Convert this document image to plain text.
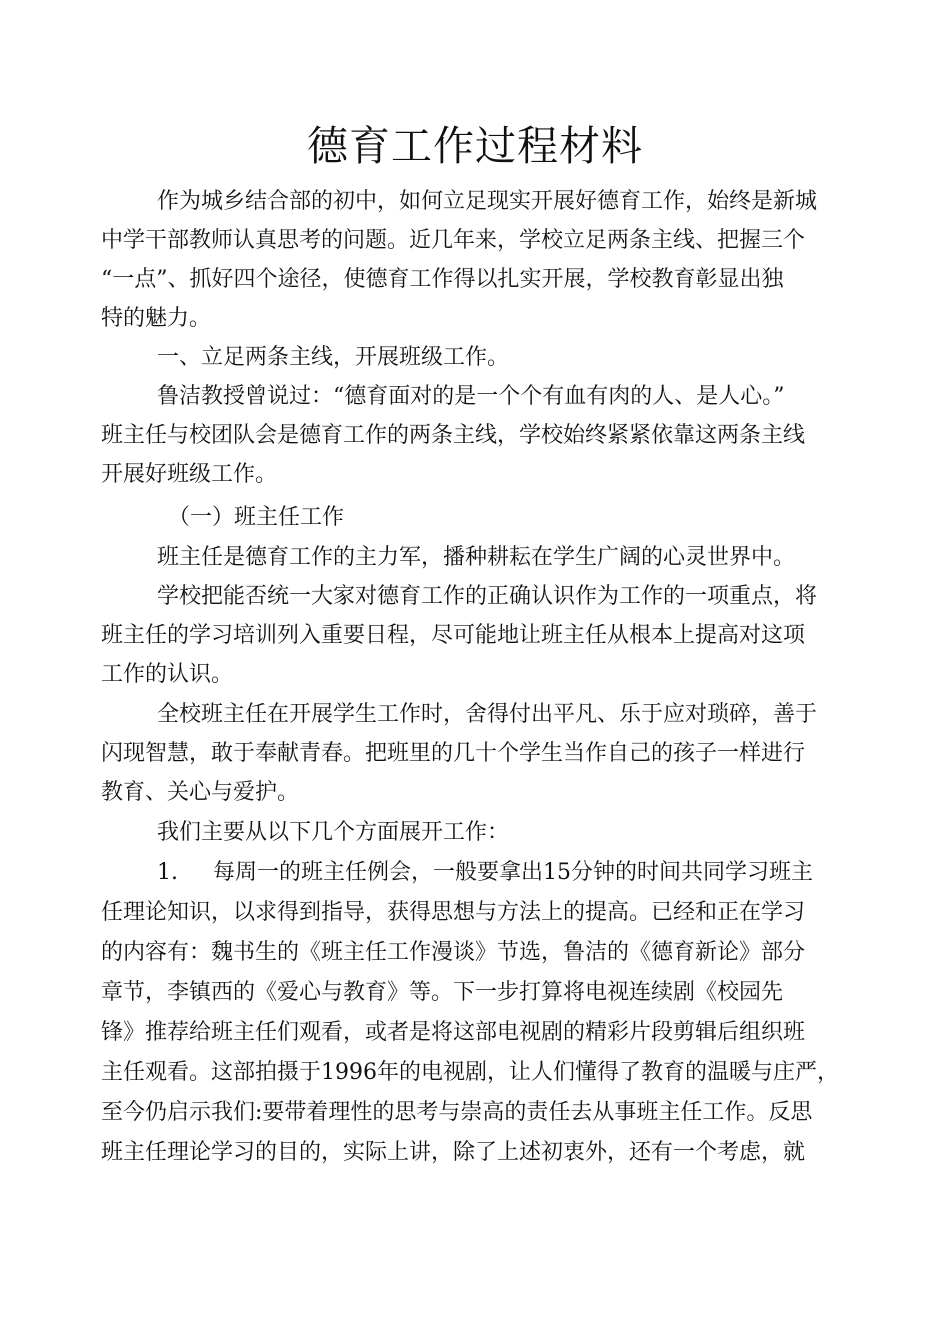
德育工作过程材料
作为城乡结合部的初中，如何立足现实开展好德育工作，始终是新城
中学干部教师认真思考的问题。近几年来，学校立足两条主线、把握三个
“一点”、抓好四个途径，使德育工作得以扎实开展，学校教育彰显出独
特的魅力。
一、立足两条主线，开展班级工作。
鲁洁教授曾说过：“德育面对的是一个个有血有肉的人、是人心。”
班主任与校团队会是德育工作的两条主线，学校始终紧紧依靠这两条主线
开展好班级工作。
（一）班主任工作
班主任是德育工作的主力军，播种耕耘在学生广阔的心灵世界中。
学校把能否统一大家对德育工作的正确认识作为工作的一项重点，将
班主任的学习培训列入重要日程，尽可能地让班主任从根本上提高对这项
工作的认识。
全校班主任在开展学生工作时，舍得付出平凡、乐于应对琐碎，善于
闪现智慧，敢于奉献青春。把班里的几十个学生当作自己的孩子一样进行
教育、关心与爱护。
我们主要从以下几个方面展开工作：
1. 每周一的班主任例会，一般要拿出15分钟的时间共同学习班主
任理论知识，以求得到指导，获得思想与方法上的提高。已经和正在学习
的内容有：魏书生的《班主任工作漫谈》节选，鲁洁的《德育新论》部分
章节，李镇西的《爱心与教育》等。下一步打算将电视连续剧《校园先
锋》推荐给班主任们观看，或者是将这部电视剧的精彩片段剪辑后组织班
主任观看。这部拍摄于1996年的电视剧，让人们懂得了教育的温暖与庄严，
至今仍启示我们:要带着理性的思考与崇高的责任去从事班主任工作。反思
班主任理论学习的目的，实际上讲，除了上述初衷外，还有一个考虑，就
